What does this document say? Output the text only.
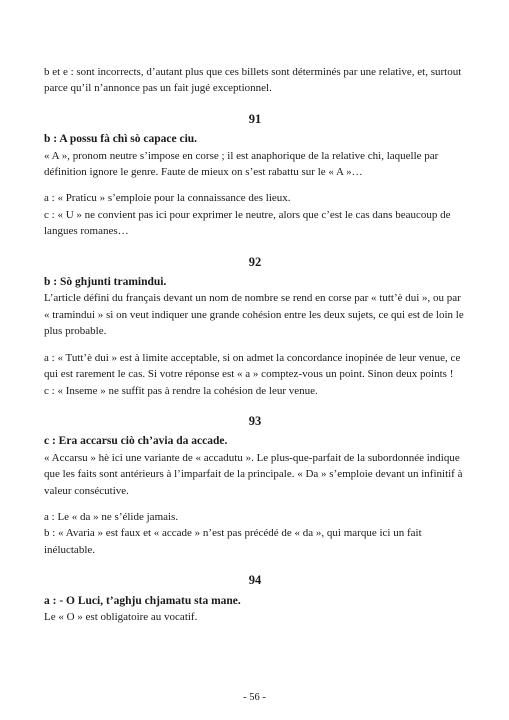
b et e : sont incorrects, d’autant plus que ces billets sont déterminés par une relative, et, surtout parce qu’il n’annonce pas un fait jugé exceptionnel.

91

b : A possu fà chì sò capace ciu.

« A », pronom neutre s’impose en corse ; il est anaphorique de la relative chì, laquelle par définition ignore le genre. Faute de mieux on s’est rabattu sur le « A »…

a : « Praticu » s’emploie pour la connaissance des lieux.

c : « U » ne convient pas ici pour exprimer le neutre, alors que c’est le cas dans beaucoup de langues romanes…

92

b : Sò ghjunti tramindui.

L’article défini du français devant un nom de nombre se rend en corse par « tutt’è dui », ou par « tramindui » si on veut indiquer une grande cohésion entre les deux sujets, ce qui est de loin le plus probable.

a : « Tutt’è dui » est à limite acceptable, si on admet la concordance inopinée de leur venue, ce qui est rarement le cas. Si votre réponse est « a » comptez-vous un point. Sinon deux points !

c : « Inseme » ne suffit pas à rendre la cohésion de leur venue.

93

c : Era accarsu ciò ch’avia da accade.

« Accarsu » hè ici une variante de « accadutu ». Le plus-que-parfait de la subordonnée indique que les faits sont antérieurs à l’imparfait de la principale. « Da » s’emploie devant un infinitif à valeur consécutive.

a : Le « da » ne s’élide jamais.

b : « Avaria » est faux et « accade » n’est pas précédé de « da », qui marque ici un fait inéluctable.

94

a : - O Luci, t’aghju chjamatu sta mane.

Le « O » est obligatoire au vocatif.

- 56 -
